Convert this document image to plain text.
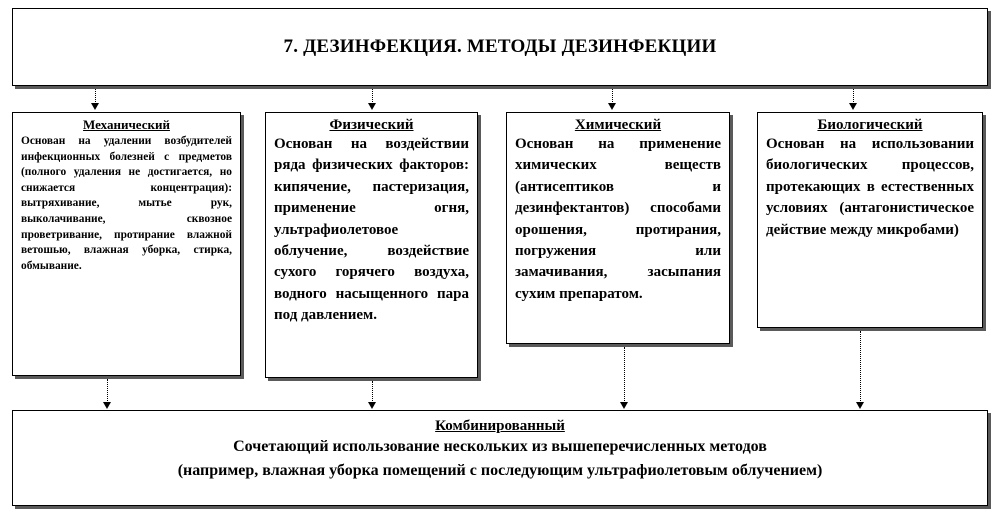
7. ДЕЗИНФЕКЦИЯ. МЕТОДЫ ДЕЗИНФЕКЦИИ
Механический
Основан на удалении возбудителей инфекционных болезней с предметов (полного удаления не достигается, но снижается концентрация): вытряхивание, мытье рук, выколачивание, сквозное проветривание, протирание влажной ветошью, влажная уборка, стирка, обмывание.
Физический
Основан на воздействии ряда физических факторов: кипячение, пастеризация, применение огня, ультрафиолетовое облучение, воздействие сухого горячего воздуха, водного насыщенного пара под давлением.
Химический
Основан на применение химических веществ (антисептиков и дезинфектантов) способами орошения, протирания, погружения или замачивания, засыпания сухим препаратом.
Биологический
Основан на использовании биологических процессов, протекающих в естественных условиях (антагонистическое действие между микробами)
Комбинированный
Сочетающий использование нескольких из вышеперечисленных методов
(например, влажная уборка помещений с последующим ультрафиолетовым облучением)
